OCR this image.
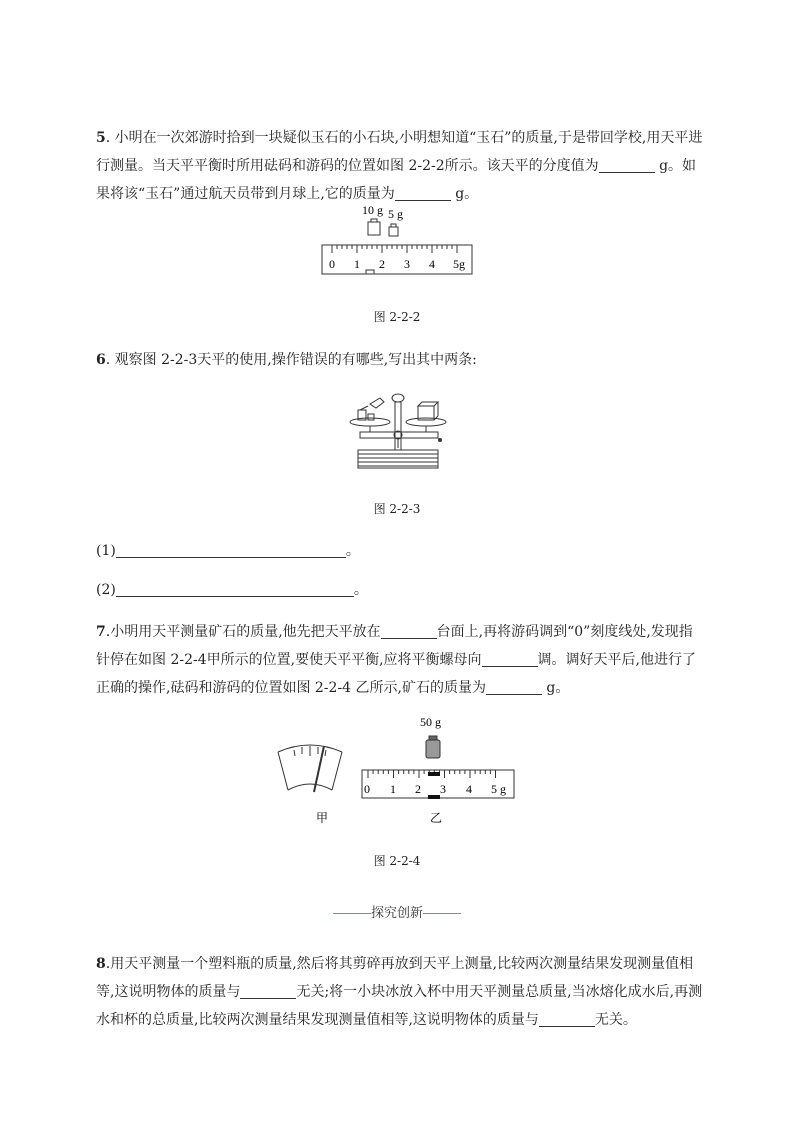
5. 小明在一次郊游时拾到一块疑似玉石的小石块,小明想知道“玉石”的质量,于是带回学校,用天平进行测量。当天平平衡时所用砝码和游码的位置如图 2-2-2所示。该天平的分度值为	g。如果将该“玉石”通过航天员带到月球上,它的质量为	g。
10 g 5 g
0 1 2 3 4 5g
图 2-2-2
6. 观察图 2-2-3天平的使用,操作错误的有哪些,写出其中两条:
图 2-2-3
(1)	。
(2)	。
7.小明用天平测量矿石的质量,他先把天平放在	台面上,再将游码调到“0”刻度线处,发现指针停在如图 2-2-4甲所示的位置,要使天平平衡,应将平衡螺母向	调。调好天平后,他进行了正确的操作,砝码和游码的位置如图 2-2-4 乙所示,矿石的质量为	g。
甲
50 g
0 1 2 3 4 5 g
乙
图 2-2-4
探究创新
8.用天平测量一个塑料瓶的质量,然后将其剪碎再放到天平上测量,比较两次测量结果发现测量值相等,这说明物体的质量与	无关;将一小块冰放入杯中用天平测量总质量,当冰熔化成水后,再测水和杯的总质量,比较两次测量结果发现测量值相等,这说明物体的质量与	无关。
